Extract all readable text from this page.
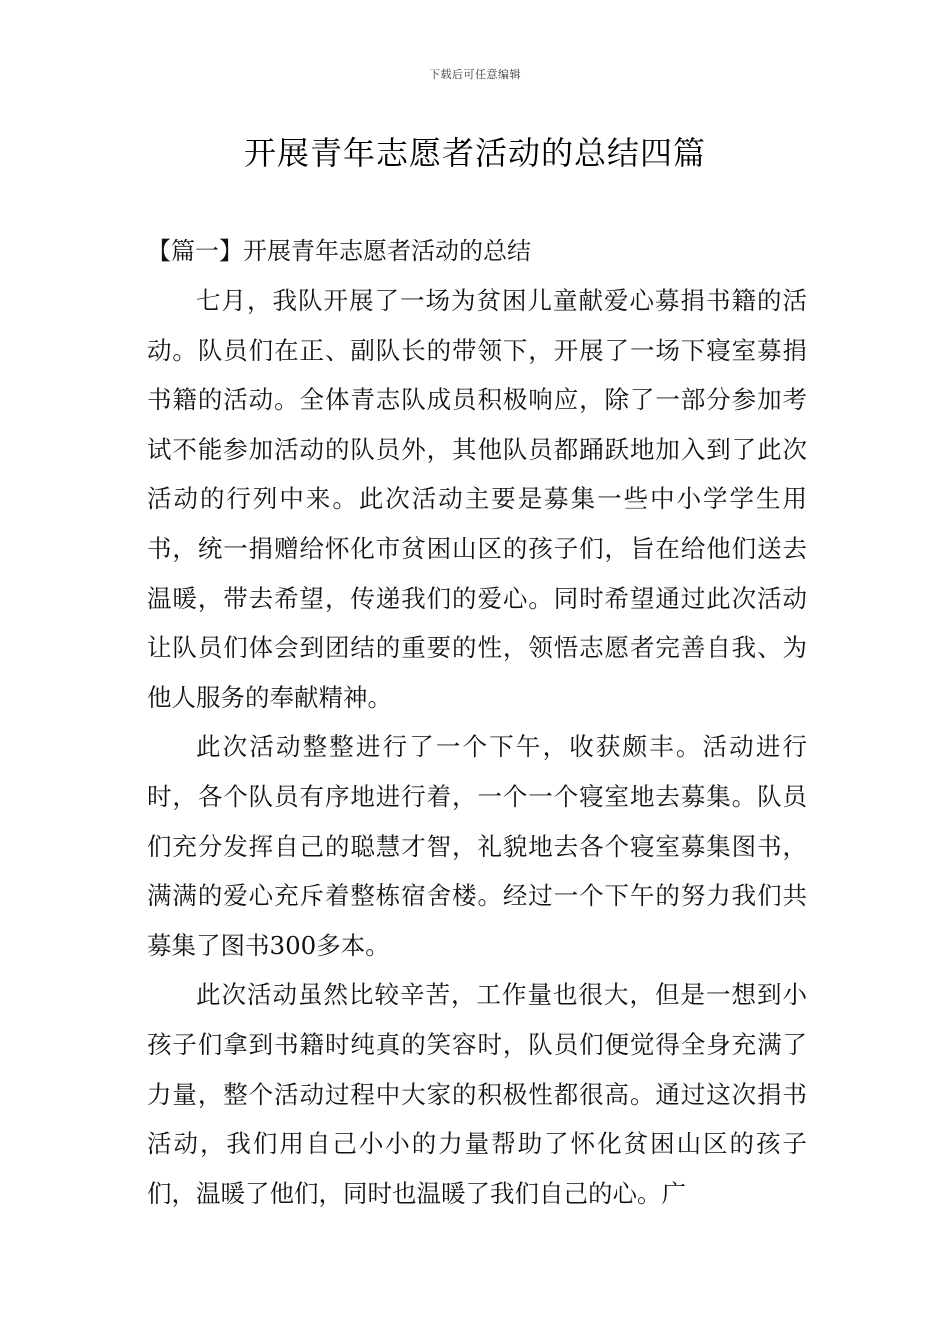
下载后可任意编辑
开展青年志愿者活动的总结四篇

【篇一】开展青年志愿者活动的总结

七月，我队开展了一场为贫困儿童献爱心募捐书籍的活动。队员们在正、副队长的带领下，开展了一场下寝室募捐书籍的活动。全体青志队成员积极响应，除了一部分参加考试不能参加活动的队员外，其他队员都踊跃地加入到了此次活动的行列中来。此次活动主要是募集一些中小学学生用书，统一捐赠给怀化市贫困山区的孩子们，旨在给他们送去温暖，带去希望，传递我们的爱心。同时希望通过此次活动让队员们体会到团结的重要的性，领悟志愿者完善自我、为他人服务的奉献精神。

此次活动整整进行了一个下午，收获颇丰。活动进行时，各个队员有序地进行着，一个一个寝室地去募集。队员们充分发挥自己的聪慧才智，礼貌地去各个寝室募集图书，满满的爱心充斥着整栋宿舍楼。经过一个下午的努力我们共募集了图书300多本。

此次活动虽然比较辛苦，工作量也很大，但是一想到小孩子们拿到书籍时纯真的笑容时，队员们便觉得全身充满了力量，整个活动过程中大家的积极性都很高。通过这次捐书活动，我们用自己小小的力量帮助了怀化贫困山区的孩子们，温暖了他们，同时也温暖了我们自己的心。广
